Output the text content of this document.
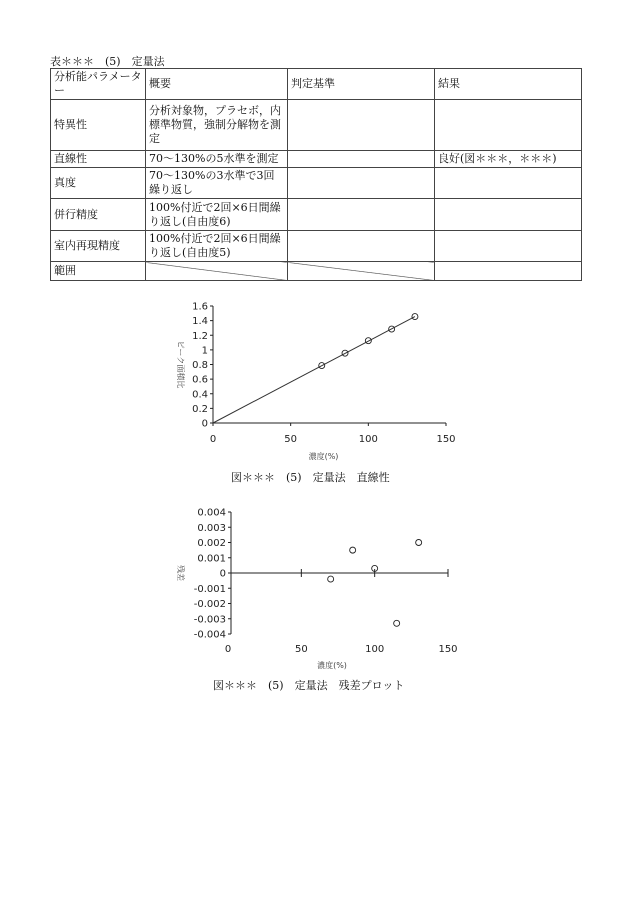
表＊＊＊　(5)　定量法
分析能パラメーター	概要	判定基準	結果
特異性	分析対象物，プラセボ，内標準物質，強制分解物を測定		
直線性	70〜130%の5水準を測定		良好(図＊＊＊，＊＊＊)
真度	70〜130%の3水準で3回繰り返し		
併行精度	100%付近で2回×6日間繰り返し(自由度6)		
室内再現精度	100%付近で2回×6日間繰り返し(自由度5)		
範囲			
0
0.2
0.4
0.6
0.8
1
1.2
1.4
1.6
0	50	100	150
濃度(%)
ピーク面積比
0.004
0.003
0.002
0.001
0
-0.001
-0.002
-0.003
-0.004
0	50	100	150
濃度(%)
残差
図＊＊＊　(5)　定量法　直線性
図＊＊＊　(5)　定量法　残差プロット
